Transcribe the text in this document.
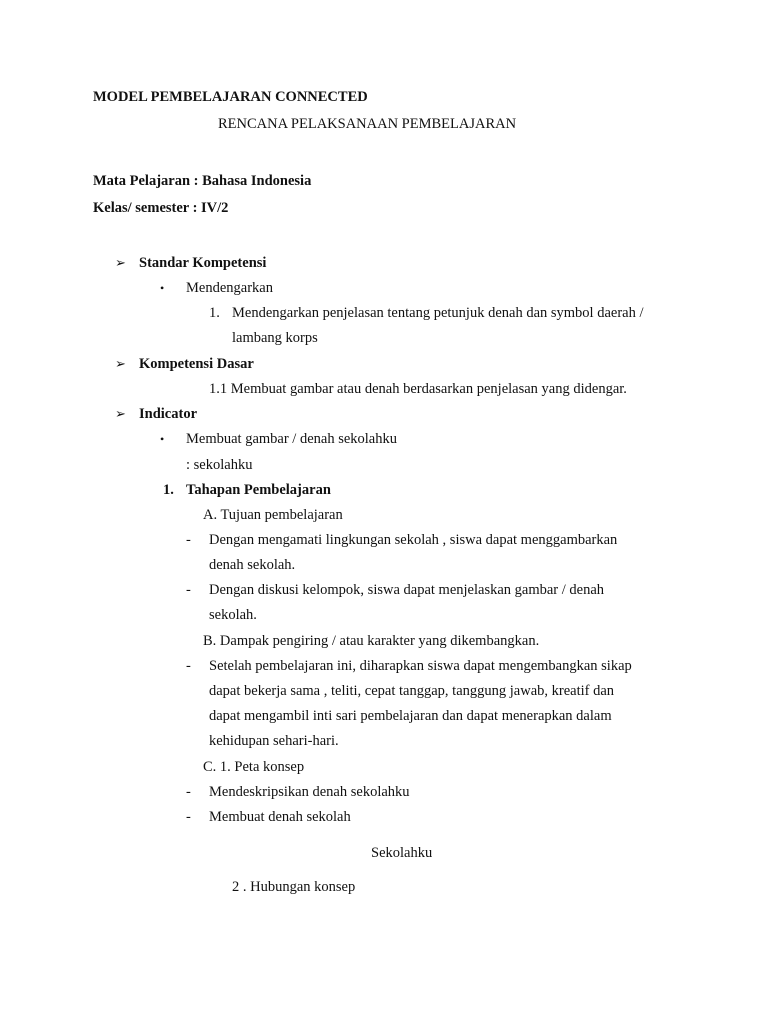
MODEL PEMBELAJARAN CONNECTED
RENCANA PELAKSANAAN PEMBELAJARAN
Mata Pelajaran : Bahasa Indonesia
Kelas/ semester : IV/2
➢ Standar Kompetensi
• Mendengarkan
1. Mendengarkan penjelasan tentang petunjuk denah dan symbol daerah /
lambang korps
➢ Kompetensi Dasar
1.1 Membuat gambar atau denah berdasarkan penjelasan yang didengar.
➢ Indicator
• Membuat gambar / denah sekolahku
: sekolahku
1. Tahapan Pembelajaran
A. Tujuan pembelajaran
- Dengan mengamati lingkungan sekolah , siswa dapat menggambarkan
denah sekolah.
- Dengan diskusi kelompok, siswa dapat menjelaskan gambar / denah
sekolah.
B. Dampak pengiring / atau karakter yang dikembangkan.
- Setelah pembelajaran ini, diharapkan siswa dapat mengembangkan sikap
dapat bekerja sama , teliti, cepat tanggap, tanggung jawab, kreatif dan
dapat mengambil inti sari pembelajaran dan dapat menerapkan dalam
kehidupan sehari-hari.
C. 1. Peta konsep
- Mendeskripsikan denah sekolahku
- Membuat denah sekolah
Sekolahku
2 . Hubungan konsep
